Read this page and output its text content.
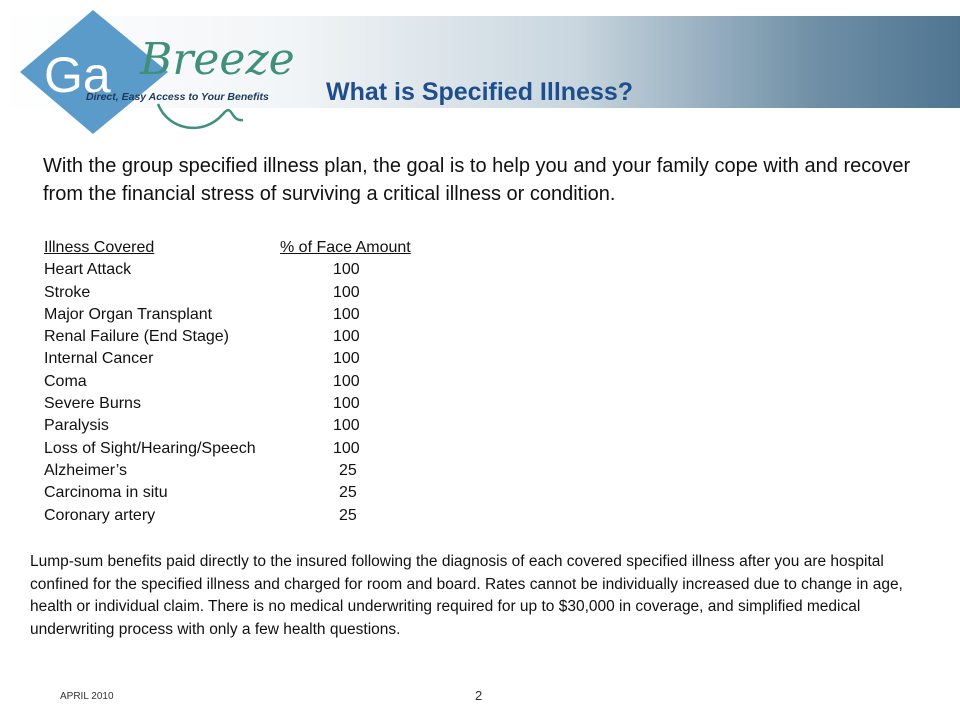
Ga Breeze
Direct, Easy Access to Your Benefits What is Specified Illness?
With the group specified illness plan, the goal is to help you and your family cope with and recover from the financial stress of surviving a critical illness or condition.
Illness Covered	% of Face Amount
Heart Attack	100
Stroke	100
Major Organ Transplant	100
Renal Failure (End Stage)	100
Internal Cancer	100
Coma	100
Severe Burns	100
Paralysis	100
Loss of Sight/Hearing/Speech	100
Alzheimer’s	25
Carcinoma in situ	25
Coronary artery	25
Lump-sum benefits paid directly to the insured following the diagnosis of each covered specified illness after you are hospital confined for the specified illness and charged for room and board. Rates cannot be individually increased due to change in age, health or individual claim. There is no medical underwriting required for up to $30,000 in coverage, and simplified medical underwriting process with only a few health questions.
APRIL 2010	2
